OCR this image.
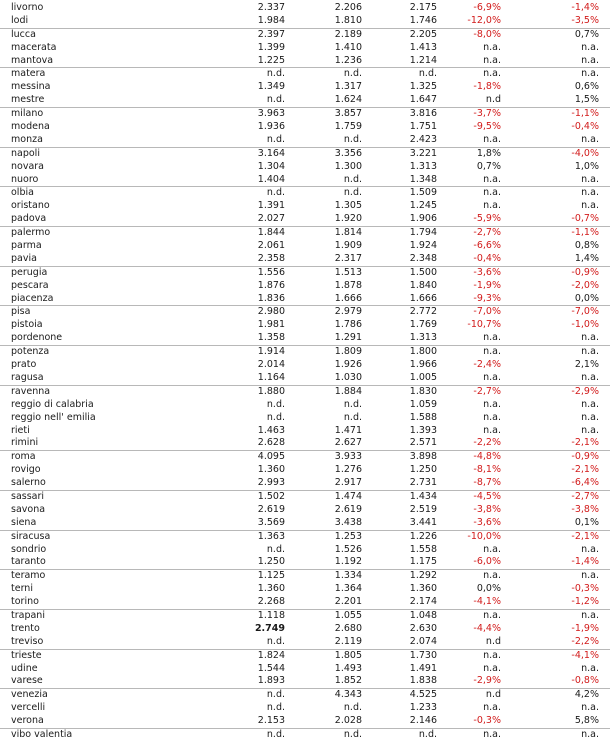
livorno	2.337	2.206	2.175	-6,9%	-1,4%
lodi	1.984	1.810	1.746	-12,0%	-3,5%
lucca	2.397	2.189	2.205	-8,0%	0,7%
macerata	1.399	1.410	1.413	n.a.	n.a.
mantova	1.225	1.236	1.214	n.a.	n.a.
matera	n.d.	n.d.	n.d.	n.a.	n.a.
messina	1.349	1.317	1.325	-1,8%	0,6%
mestre	n.d.	1.624	1.647	n.d	1,5%
milano	3.963	3.857	3.816	-3,7%	-1,1%
modena	1.936	1.759	1.751	-9,5%	-0,4%
monza	n.d.	n.d.	2.423	n.a.	n.a.
napoli	3.164	3.356	3.221	1,8%	-4,0%
novara	1.304	1.300	1.313	0,7%	1,0%
nuoro	1.404	n.d.	1.348	n.a.	n.a.
olbia	n.d.	n.d.	1.509	n.a.	n.a.
oristano	1.391	1.305	1.245	n.a.	n.a.
padova	2.027	1.920	1.906	-5,9%	-0,7%
palermo	1.844	1.814	1.794	-2,7%	-1,1%
parma	2.061	1.909	1.924	-6,6%	0,8%
pavia	2.358	2.317	2.348	-0,4%	1,4%
perugia	1.556	1.513	1.500	-3,6%	-0,9%
pescara	1.876	1.878	1.840	-1,9%	-2,0%
piacenza	1.836	1.666	1.666	-9,3%	0,0%
pisa	2.980	2.979	2.772	-7,0%	-7,0%
pistoia	1.981	1.786	1.769	-10,7%	-1,0%
pordenone	1.358	1.291	1.313	n.a.	n.a.
potenza	1.914	1.809	1.800	n.a.	n.a.
prato	2.014	1.926	1.966	-2,4%	2,1%
ragusa	1.164	1.030	1.005	n.a.	n.a.
ravenna	1.880	1.884	1.830	-2,7%	-2,9%
reggio di calabria	n.d.	n.d.	1.059	n.a.	n.a.
reggio nell' emilia	n.d.	n.d.	1.588	n.a.	n.a.
rieti	1.463	1.471	1.393	n.a.	n.a.
rimini	2.628	2.627	2.571	-2,2%	-2,1%
roma	4.095	3.933	3.898	-4,8%	-0,9%
rovigo	1.360	1.276	1.250	-8,1%	-2,1%
salerno	2.993	2.917	2.731	-8,7%	-6,4%
sassari	1.502	1.474	1.434	-4,5%	-2,7%
savona	2.619	2.619	2.519	-3,8%	-3,8%
siena	3.569	3.438	3.441	-3,6%	0,1%
siracusa	1.363	1.253	1.226	-10,0%	-2,1%
sondrio	n.d.	1.526	1.558	n.a.	n.a.
taranto	1.250	1.192	1.175	-6,0%	-1,4%
teramo	1.125	1.334	1.292	n.a.	n.a.
terni	1.360	1.364	1.360	0,0%	-0,3%
torino	2.268	2.201	2.174	-4,1%	-1,2%
trapani	1.118	1.055	1.048	n.a.	n.a.
trento	2.749	2.680	2.630	-4,4%	-1,9%
treviso	n.d.	2.119	2.074	n.d	-2,2%
trieste	1.824	1.805	1.730	n.a.	-4,1%
udine	1.544	1.493	1.491	n.a.	n.a.
varese	1.893	1.852	1.838	-2,9%	-0,8%
venezia	n.d.	4.343	4.525	n.d	4,2%
vercelli	n.d.	n.d.	1.233	n.a.	n.a.
verona	2.153	2.028	2.146	-0,3%	5,8%
vibo valentia	n.d.	n.d.	n.d.	n.a.	n.a.
